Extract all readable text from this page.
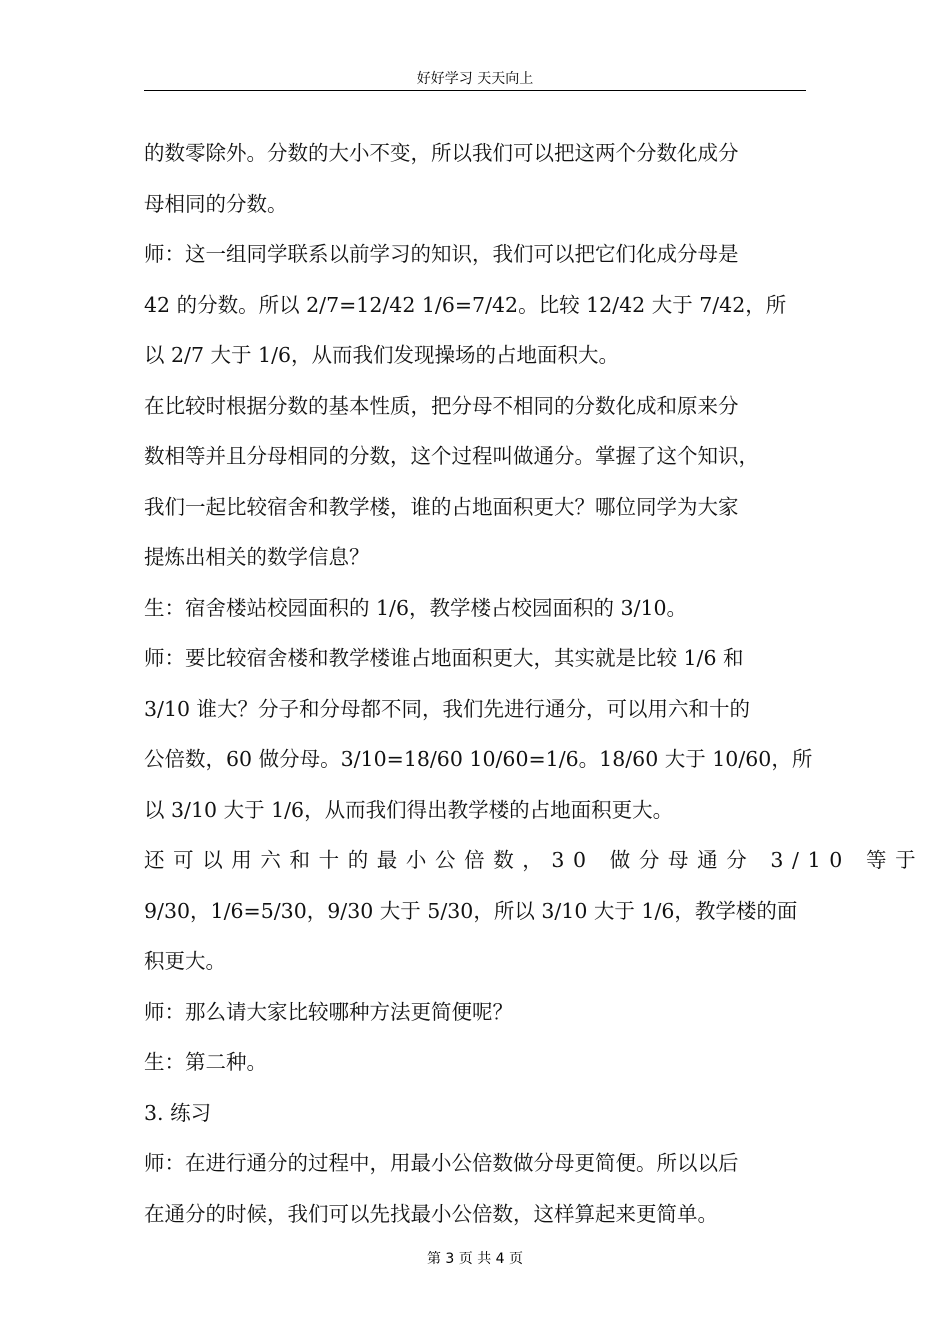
好好学习 天天向上

的数零除外。分数的大小不变，所以我们可以把这两个分数化成分

母相同的分数。

师：这一组同学联系以前学习的知识，我们可以把它们化成分母是

42 的分数。所以 2/7=12/42 1/6=7/42。比较 12/42 大于 7/42，所

以 2/7 大于 1/6，从而我们发现操场的占地面积大。

在比较时根据分数的基本性质，把分母不相同的分数化成和原来分

数相等并且分母相同的分数，这个过程叫做通分。掌握了这个知识，

我们一起比较宿舍和教学楼，谁的占地面积更大？哪位同学为大家

提炼出相关的数学信息？

生：宿舍楼站校园面积的 1/6，教学楼占校园面积的 3/10。

师：要比较宿舍楼和教学楼谁占地面积更大，其实就是比较 1/6 和

3/10 谁大？分子和分母都不同，我们先进行通分，可以用六和十的

公倍数，60 做分母。3/10=18/60 10/60=1/6。18/60 大于 10/60，所

以 3/10 大于 1/6，从而我们得出教学楼的占地面积更大。

还可以用六和十的最小公倍数，30 做分母通分 3/10 等于

9/30，1/6=5/30，9/30 大于 5/30，所以 3/10 大于 1/6，教学楼的面

积更大。

师：那么请大家比较哪种方法更简便呢？

生：第二种。

3. 练习

师：在进行通分的过程中，用最小公倍数做分母更简便。所以以后

在通分的时候，我们可以先找最小公倍数，这样算起来更简单。

第 3 页 共 4 页
